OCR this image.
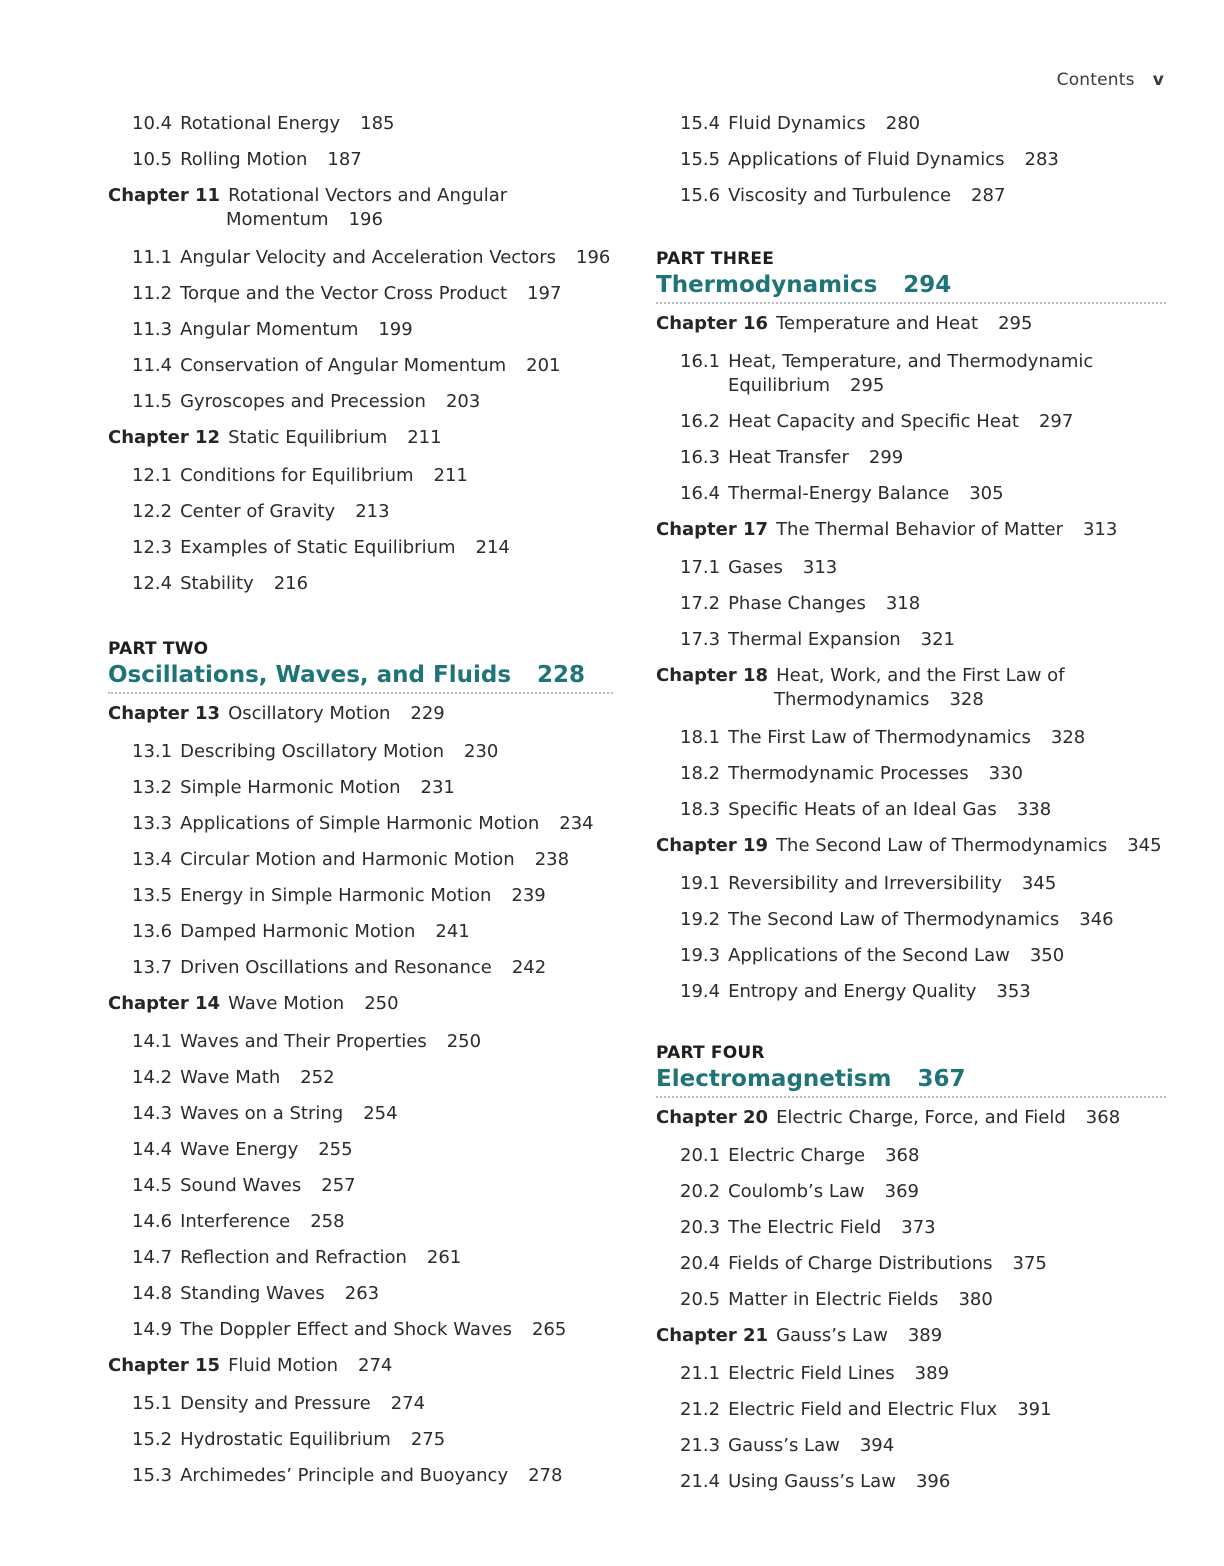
Contents v
10.4 Rotational Energy 185
10.5 Rolling Motion 187
Chapter 11 Rotational Vectors and Angular
Momentum 196
11.1 Angular Velocity and Acceleration Vectors 196
11.2 Torque and the Vector Cross Product 197
11.3 Angular Momentum 199
11.4 Conservation of Angular Momentum 201
11.5 Gyroscopes and Precession 203
Chapter 12 Static Equilibrium 211
12.1 Conditions for Equilibrium 211
12.2 Center of Gravity 213
12.3 Examples of Static Equilibrium 214
12.4 Stability 216
PART TWO
Oscillations, Waves, and Fluids 228
Chapter 13 Oscillatory Motion 229
13.1 Describing Oscillatory Motion 230
13.2 Simple Harmonic Motion 231
13.3 Applications of Simple Harmonic Motion 234
13.4 Circular Motion and Harmonic Motion 238
13.5 Energy in Simple Harmonic Motion 239
13.6 Damped Harmonic Motion 241
13.7 Driven Oscillations and Resonance 242
Chapter 14 Wave Motion 250
14.1 Waves and Their Properties 250
14.2 Wave Math 252
14.3 Waves on a String 254
14.4 Wave Energy 255
14.5 Sound Waves 257
14.6 Interference 258
14.7 Reflection and Refraction 261
14.8 Standing Waves 263
14.9 The Doppler Effect and Shock Waves 265
Chapter 15 Fluid Motion 274
15.1 Density and Pressure 274
15.2 Hydrostatic Equilibrium 275
15.3 Archimedes’ Principle and Buoyancy 278
15.4 Fluid Dynamics 280
15.5 Applications of Fluid Dynamics 283
15.6 Viscosity and Turbulence 287
PART THREE
Thermodynamics 294
Chapter 16 Temperature and Heat 295
16.1 Heat, Temperature, and Thermodynamic
Equilibrium 295
16.2 Heat Capacity and Specific Heat 297
16.3 Heat Transfer 299
16.4 Thermal-Energy Balance 305
Chapter 17 The Thermal Behavior of Matter 313
17.1 Gases 313
17.2 Phase Changes 318
17.3 Thermal Expansion 321
Chapter 18 Heat, Work, and the First Law of
Thermodynamics 328
18.1 The First Law of Thermodynamics 328
18.2 Thermodynamic Processes 330
18.3 Specific Heats of an Ideal Gas 338
Chapter 19 The Second Law of Thermodynamics 345
19.1 Reversibility and Irreversibility 345
19.2 The Second Law of Thermodynamics 346
19.3 Applications of the Second Law 350
19.4 Entropy and Energy Quality 353
PART FOUR
Electromagnetism 367
Chapter 20 Electric Charge, Force, and Field 368
20.1 Electric Charge 368
20.2 Coulomb’s Law 369
20.3 The Electric Field 373
20.4 Fields of Charge Distributions 375
20.5 Matter in Electric Fields 380
Chapter 21 Gauss’s Law 389
21.1 Electric Field Lines 389
21.2 Electric Field and Electric Flux 391
21.3 Gauss’s Law 394
21.4 Using Gauss’s Law 396
